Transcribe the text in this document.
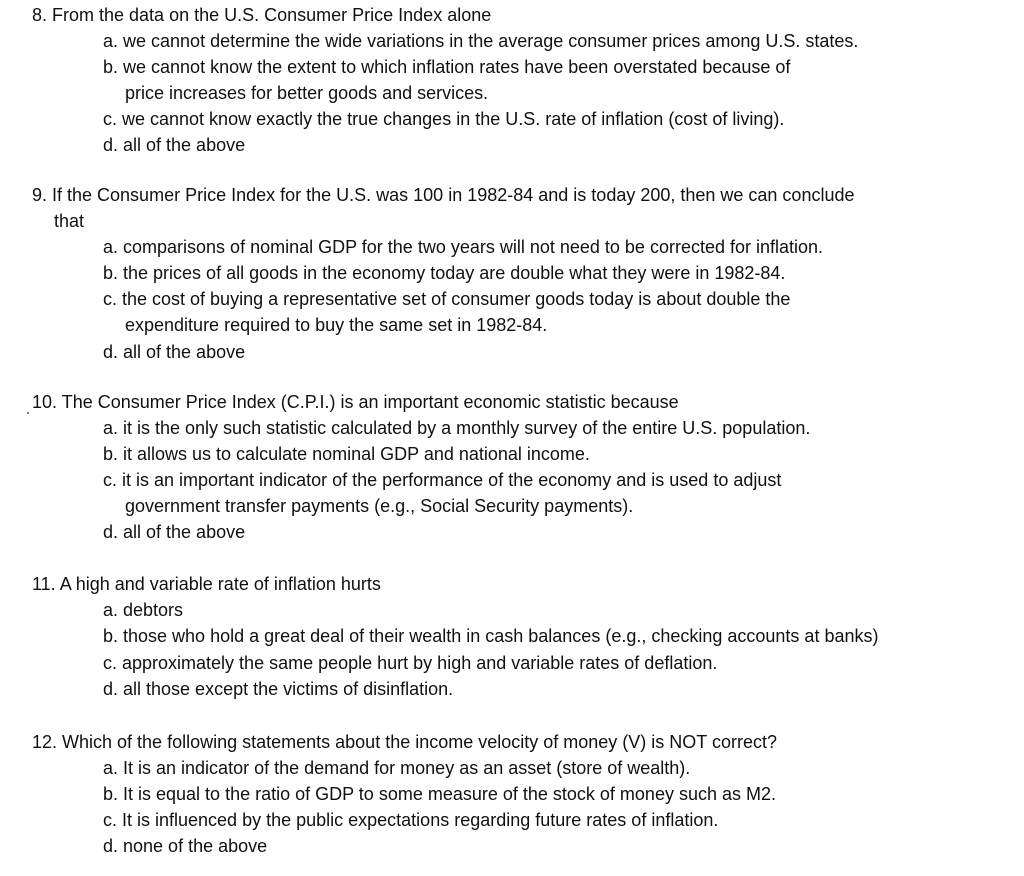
8. From the data on the U.S. Consumer Price Index alone
a. we cannot determine the wide variations in the average consumer prices among U.S. states.
b. we cannot know the extent to which inflation rates have been overstated because of
price increases for better goods and services.
c. we cannot know exactly the true changes in the U.S. rate of inflation (cost of living).
d. all of the above
9. If the Consumer Price Index for the U.S. was 100 in 1982-84 and is today 200, then we can conclude
that
a. comparisons of nominal GDP for the two years will not need to be corrected for inflation.
b. the prices of all goods in the economy today are double what they were in 1982-84.
c. the cost of buying a representative set of consumer goods today is about double the
expenditure required to buy the same set in 1982-84.
d. all of the above
10. The Consumer Price Index (C.P.I.) is an important economic statistic because
a. it is the only such statistic calculated by a monthly survey of the entire U.S. population.
b. it allows us to calculate nominal GDP and national income.
c. it is an important indicator of the performance of the economy and is used to adjust
government transfer payments (e.g., Social Security payments).
d. all of the above
11. A high and variable rate of inflation hurts
a. debtors
b. those who hold a great deal of their wealth in cash balances (e.g., checking accounts at banks)
c. approximately the same people hurt by high and variable rates of deflation.
d. all those except the victims of disinflation.
12. Which of the following statements about the income velocity of money (V) is NOT correct?
a. It is an indicator of the demand for money as an asset (store of wealth).
b. It is equal to the ratio of GDP to some measure of the stock of money such as M2.
c. It is influenced by the public expectations regarding future rates of inflation.
d. none of the above
